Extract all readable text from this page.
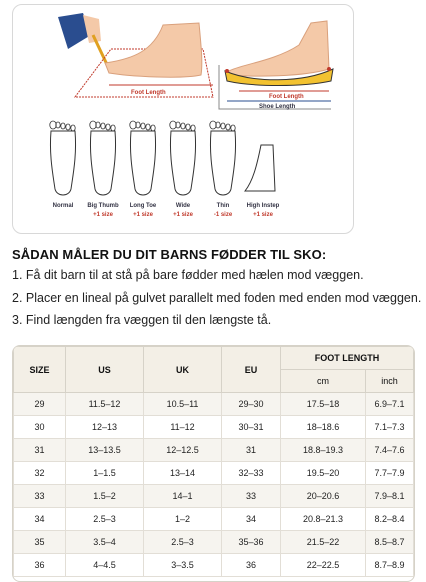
Foot Length
Foot Length
Shoe Length
Normal Big Thumb
+1 size
Long Toe
+1 size
Wide
+1 size
Thin
-1 size
High Instep
+1 size
SÅDAN MÅLER DU DIT BARNS FØDDER TIL SKO:
1. Få dit barn til at stå på bare fødder med hælen mod væggen.
2. Placer en lineal på gulvet parallelt med foden med enden mod væggen.
3. Find længden fra væggen til den længste tå.
SIZE	US	UK	EU	FOOT LENGTH	
				cm	inch
29	11.5–12	10.5–11	29–30	17.5–18	6.9–7.1
30	12–13	11–12	30–31	18–18.6	7.1–7.3
31	13–13.5	12–12.5	31	18.8–19.3	7.4–7.6
32	1–1.5	13–14	32–33	19.5–20	7.7–7.9
33	1.5–2	14–1	33	20–20.6	7.9–8.1
34	2.5–3	1–2	34	20.8–21.3	8.2–8.4
35	3.5–4	2.5–3	35–36	21.5–22	8.5–8.7
36	4–4.5	3–3.5	36	22–22.5	8.7–8.9
